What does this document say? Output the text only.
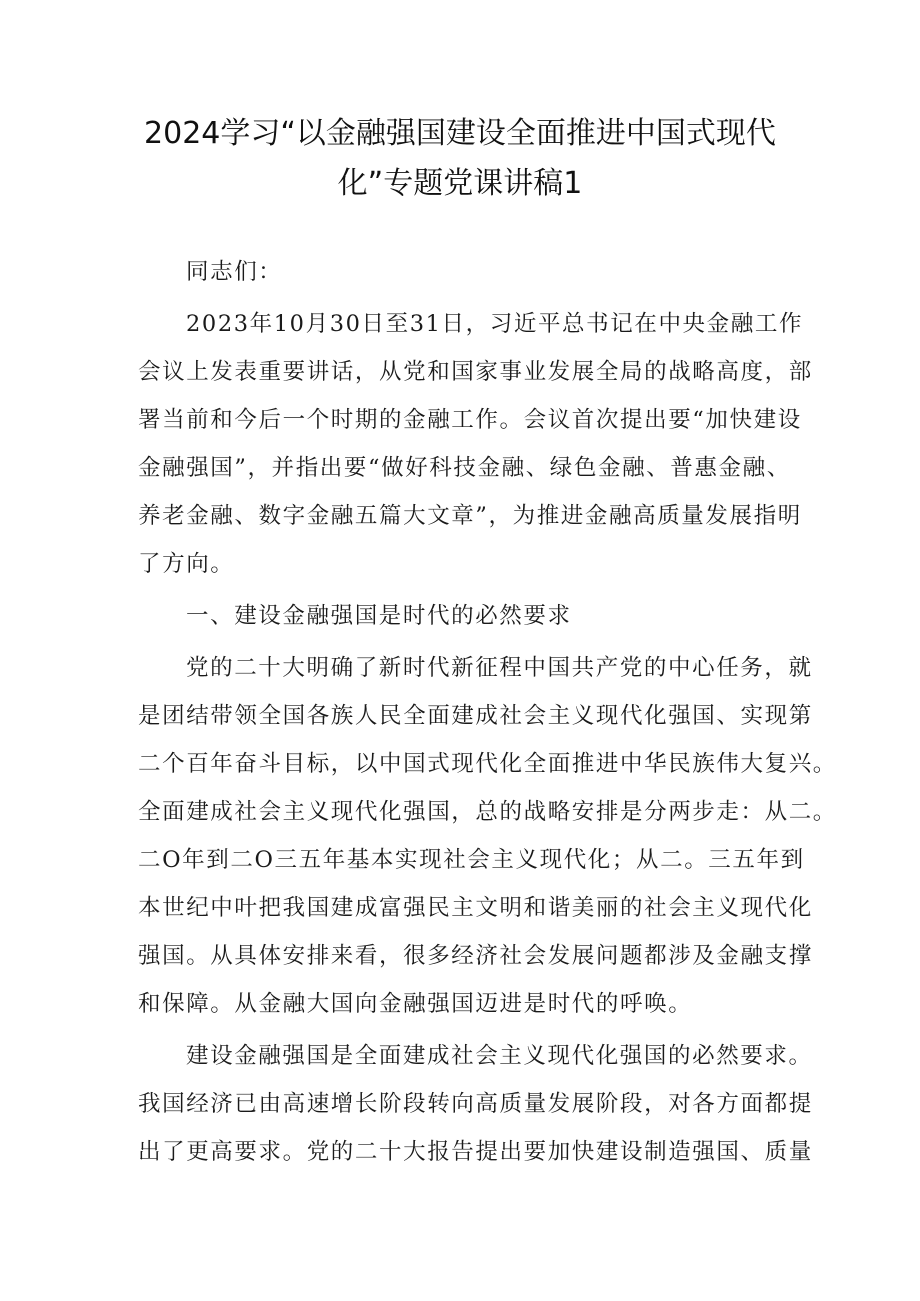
2024学习“以金融强国建设全面推进中国式现代
化”专题党课讲稿1
同志们：
2023年10月30日至31日，习近平总书记在中央金融工作
会议上发表重要讲话，从党和国家事业发展全局的战略高度，部
署当前和今后一个时期的金融工作。会议首次提出要“加快建设
金融强国”，并指出要“做好科技金融、绿色金融、普惠金融、
养老金融、数字金融五篇大文章”，为推进金融高质量发展指明
了方向。
一、建设金融强国是时代的必然要求
党的二十大明确了新时代新征程中国共产党的中心任务，就
是团结带领全国各族人民全面建成社会主义现代化强国、实现第
二个百年奋斗目标，以中国式现代化全面推进中华民族伟大复兴。
全面建成社会主义现代化强国，总的战略安排是分两步走：从二。
二O年到二O三五年基本实现社会主义现代化；从二。三五年到
本世纪中叶把我国建成富强民主文明和谐美丽的社会主义现代化
强国。从具体安排来看，很多经济社会发展问题都涉及金融支撑
和保障。从金融大国向金融强国迈进是时代的呼唤。
建设金融强国是全面建成社会主义现代化强国的必然要求。
我国经济已由高速增长阶段转向高质量发展阶段，对各方面都提
出了更高要求。党的二十大报告提出要加快建设制造强国、质量
